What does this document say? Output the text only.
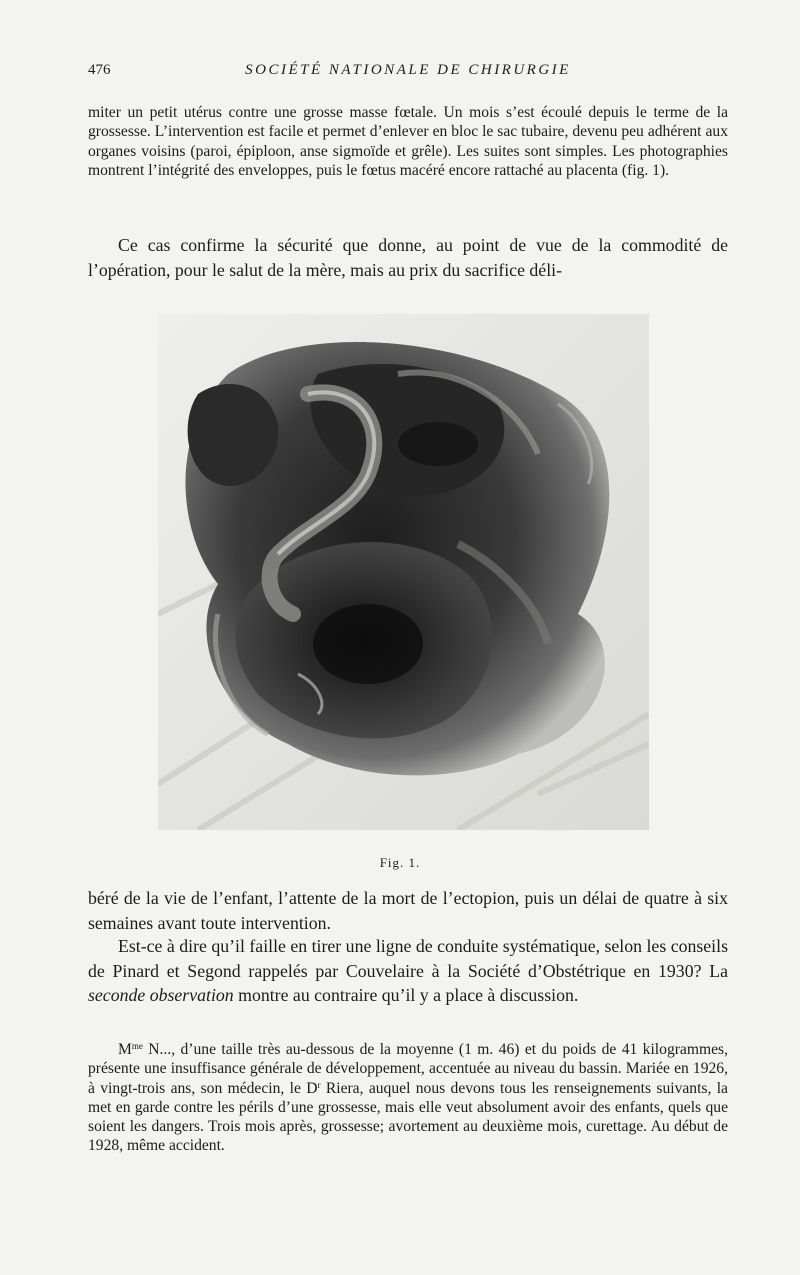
476	SOCIÉTÉ NATIONALE DE CHIRURGIE

miter un petit utérus contre une grosse masse fœtale. Un mois s’est écoulé depuis le terme de la grossesse. L’intervention est facile et permet d’enlever en bloc le sac tubaire, devenu peu adhérent aux organes voisins (paroi, épiploon, anse sigmoïde et grêle). Les suites sont simples. Les photographies montrent l’intégrité des enveloppes, puis le fœtus macéré encore rattaché au placenta (fig. 1).

Ce cas confirme la sécurité que donne, au point de vue de la commodité de l’opération, pour le salut de la mère, mais au prix du sacrifice déli-

Fig. 1.

béré de la vie de l’enfant, l’attente de la mort de l’ectopion, puis un délai de quatre à six semaines avant toute intervention.

Est-ce à dire qu’il faille en tirer une ligne de conduite systématique, selon les conseils de Pinard et Segond rappelés par Couvelaire à la Société d’Obstétrique en 1930? La seconde observation montre au contraire qu’il y a place à discussion.

$M^{me}$ N..., d’une taille très au-dessous de la moyenne (1 m. 46) et du poids de 41 kilogrammes, présente une insuffisance générale de développement, accentuée au niveau du bassin. Mariée en 1926, à vingt-trois ans, son médecin, le $D^r$ Riera, auquel nous devons tous les renseignements suivants, la met en garde contre les périls d’une grossesse, mais elle veut absolument avoir des enfants, quels que soient les dangers. Trois mois après, grossesse; avortement au deuxième mois, curettage. Au début de 1928, même accident.
